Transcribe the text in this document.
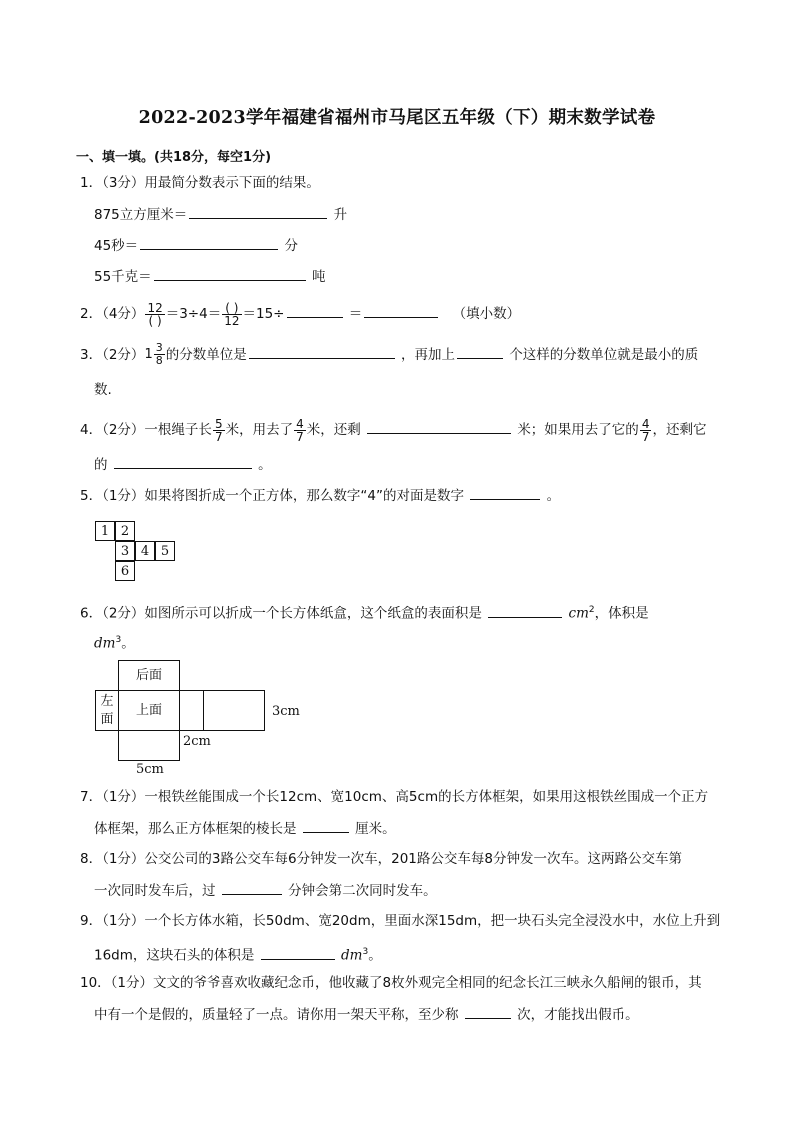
2022-2023学年福建省福州市马尾区五年级（下）期末数学试卷
一、填一填。(共18分，每空1分)
1．（3分）用最简分数表示下面的结果。
875立方厘米＝	升
45秒＝	分
55千克＝	吨
2．（4分） $\frac{12}{( )} =3\div 4= \frac{( )}{12} =15\div$	＝	（填小数）
3．（2分）$1 \frac{3}{8}$ 的分数单位是	，再加上	个这样的分数单位就是最小的质
数.
4．（2分）一根绳子长 $\frac{5}{7}$ 米，用去了 $\frac{4}{7}$ 米，还剩	米；如果用去了它的 $\frac{4}{7}$ ，还剩它
的	。
5．（1分）如果将图折成一个正方体，那么数字“4”的对面是数字	。
1 2
3 4 5
6
6．（2分）如图所示可以折成一个长方体纸盒，这个纸盒的表面积是	$cm^2$，体积是
$dm^3$。
后面
左
面
上面	3cm
2cm
5cm
7．（1分）一根铁丝能围成一个长12cm、宽10cm、高5cm的长方体框架，如果用这根铁丝围成一个正方
体框架，那么正方体框架的棱长是	厘米。
8．（1分）公交公司的3路公交车每6分钟发一次车，201路公交车每8分钟发一次车。这两路公交车第
一次同时发车后，过	分钟会第二次同时发车。
9．（1分）一个长方体水箱，长50dm、宽20dm，里面水深15dm，把一块石头完全浸没水中，水位上升到
16dm，这块石头的体积是	$dm^3$。
10．（1分）文文的爷爷喜欢收藏纪念币，他收藏了8枚外观完全相同的纪念长江三峡永久船闸的银币，其
中有一个是假的，质量轻了一点。请你用一架天平称，至少称	次，才能找出假币。
